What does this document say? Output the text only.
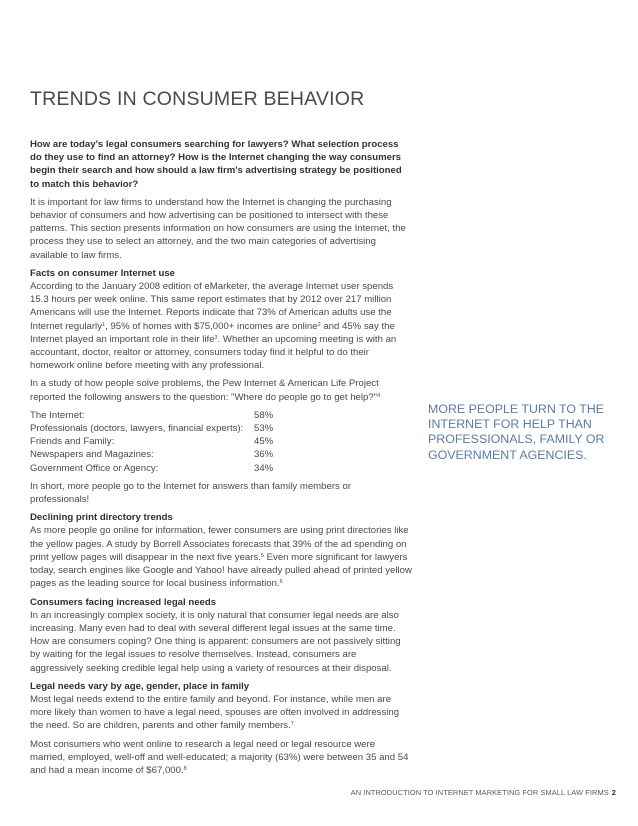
TRENDS IN CONSUMER BEHAVIOR

How are today's legal consumers searching for lawyers? What selection process do they use to find an attorney? How is the Internet changing the way consumers begin their search and how should a law firm's advertising strategy be positioned to match this behavior?

It is important for law firms to understand how the Internet is changing the purchasing behavior of consumers and how advertising can be positioned to intersect with these patterns. This section presents information on how consumers are using the Internet, the process they use to select an attorney, and the two main categories of advertising available to law firms.

Facts on consumer Internet use
According to the January 2008 edition of eMarketer, the average Internet user spends 15.3 hours per week online. This same report estimates that by 2012 over 217 million Americans will use the Internet. Reports indicate that 73% of American adults use the Internet regularly$^1$, 95% of homes with $75,000+ incomes are online$^2$ and 45% say the Internet played an important role in their life$^3$. Whether an upcoming meeting is with an accountant, doctor, realtor or attorney, consumers today find it helpful to do their homework online before meeting with any professional.

In a study of how people solve problems, the Pew Internet & American Life Project reported the following answers to the question: "Where do people go to get help?"$^4$

The Internet:	58%
Professionals (doctors, lawyers, financial experts):	53%
Friends and Family:	45%
Newspapers and Magazines:	36%
Government Office or Agency:	34%

In short, more people go to the Internet for answers than family members or professionals!

Declining print directory trends
As more people go online for information, fewer consumers are using print directories like the yellow pages. A study by Borrell Associates forecasts that 39% of the ad spending on print yellow pages will disappear in the next five years.$^5$ Even more significant for lawyers today, search engines like Google and Yahoo! have already pulled ahead of printed yellow pages as the leading source for local business information.$^6$

Consumers facing increased legal needs
In an increasingly complex society, it is only natural that consumer legal needs are also increasing. Many even had to deal with several different legal issues at the same time. How are consumers coping? One thing is apparent: consumers are not passively sitting by waiting for the legal issues to resolve themselves. Instead, consumers are aggressively seeking credible legal help using a variety of resources at their disposal.

Legal needs vary by age, gender, place in family
Most legal needs extend to the entire family and beyond. For instance, while men are more likely than women to have a legal need, spouses are often involved in addressing the need. So are children, parents and other family members.$^7$

Most consumers who went online to research a legal need or legal resource were married, employed, well-off and well-educated; a majority (63%) were between 35 and 54 and had a mean income of $67,000.$^8$

MORE PEOPLE TURN TO THE INTERNET FOR HELP THAN PROFESSIONALS, FAMILY OR GOVERNMENT AGENCIES.

AN INTRODUCTION TO INTERNET MARKETING FOR SMALL LAW FIRMS 2
